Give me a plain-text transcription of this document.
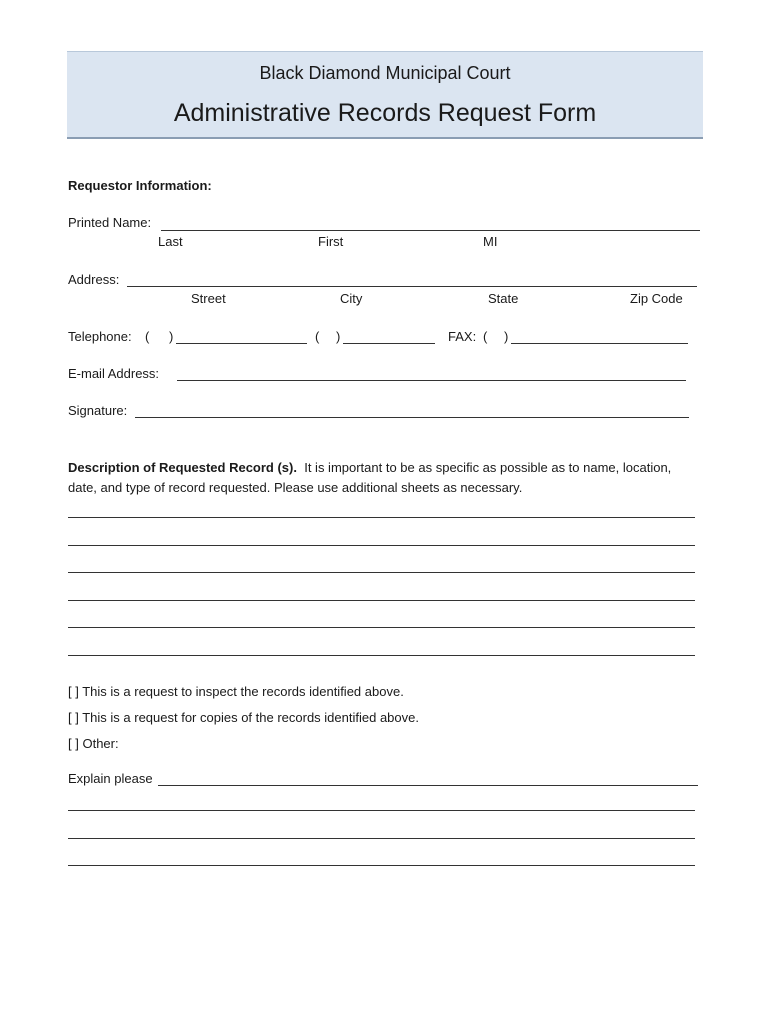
Black Diamond Municipal Court
Administrative Records Request Form
Requestor Information:
Printed Name:
Last	First	MI
Address:
Street	City	State	Zip Code
Telephone: ( )	( )	FAX: ( )
E-mail Address:
Signature:
Description of Requested Record (s). It is important to be as specific as possible as to name, location,
date, and type of record requested. Please use additional sheets as necessary.
[ ] This is a request to inspect the records identified above.
[ ] This is a request for copies of the records identified above.
[ ] Other:
Explain please
